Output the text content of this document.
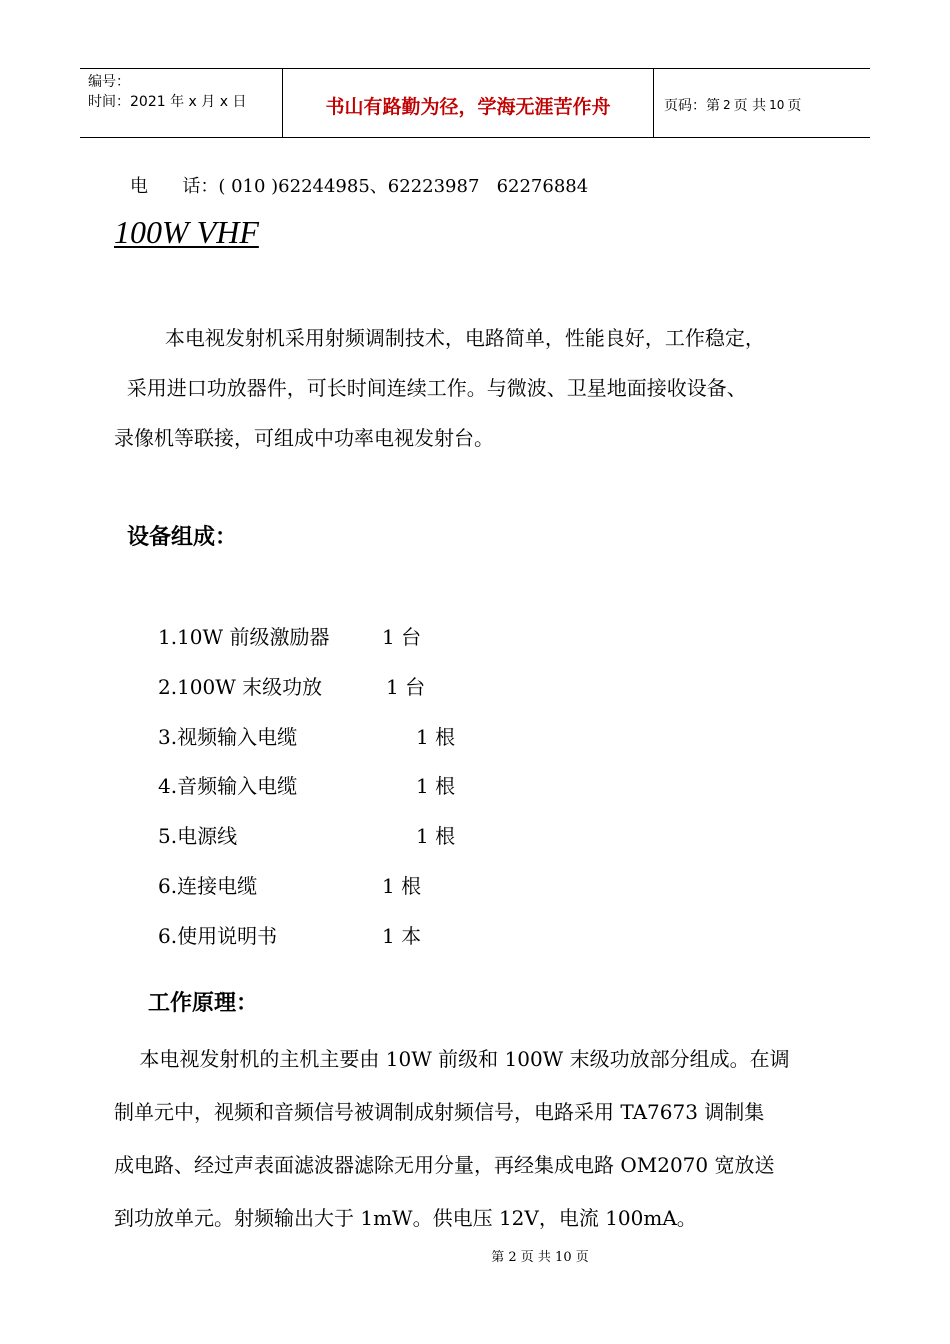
编号：
时间：2021 年 x 月 x 日	书山有路勤为径，学海无涯苦作舟	页码：第 2 页 共 10 页
电      话：( 010 )62244985、62223987   62276884
100W VHF
本电视发射机采用射频调制技术，电路简单，性能良好，工作稳定，
采用进口功放器件，可长时间连续工作。与微波、卫星地面接收设备、
录像机等联接，可组成中功率电视发射台。
设备组成：
1.10W 前级激励器	1 台
2.100W 末级功放	1 台
3.视频输入电缆	1 根
4.音频输入电缆	1 根
5.电源线	1 根
6.连接电缆	1 根
6.使用说明书	1 本
工作原理：
本电视发射机的主机主要由 10W 前级和 100W 末级功放部分组成。在调
制单元中，视频和音频信号被调制成射频信号，电路采用 TA7673 调制集
成电路、经过声表面滤波器滤除无用分量，再经集成电路 OM2070 宽放送
到功放单元。射频输出大于 1mW。供电压 12V，电流 100mA。
第 2 页 共 10 页
